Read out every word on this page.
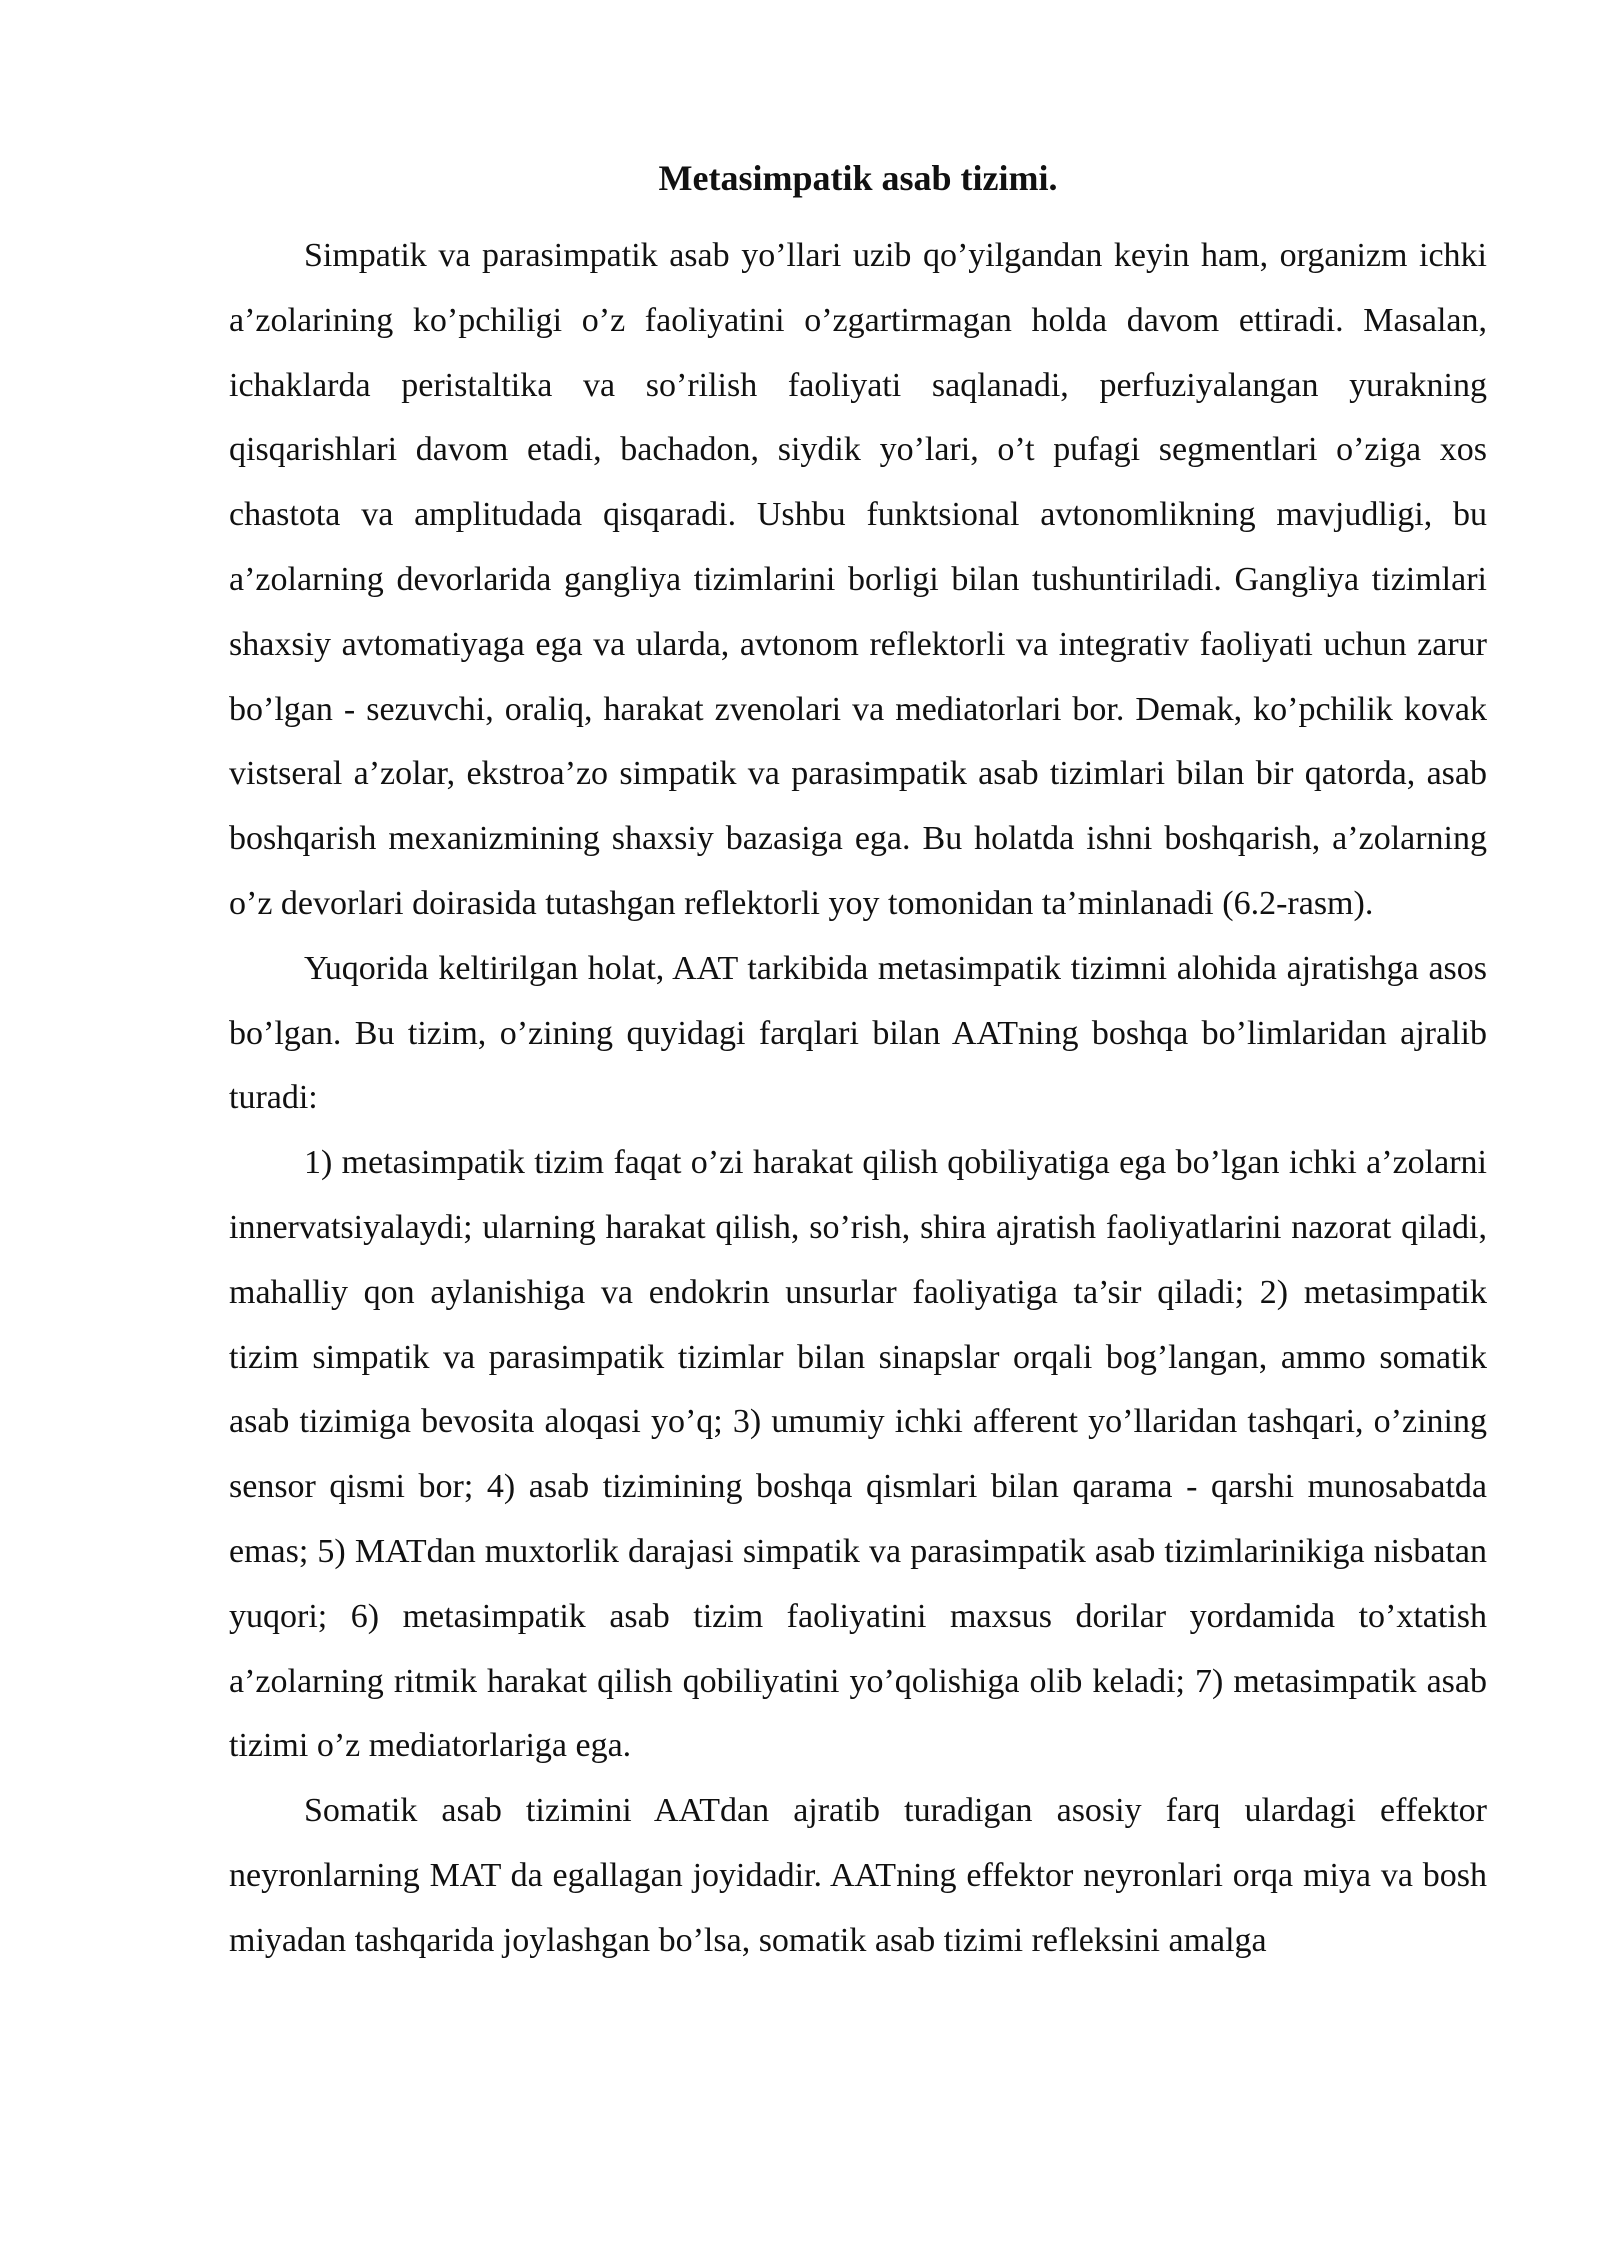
Metasimpatik asab tizimi.

Simpatik va parasimpatik asab yo’llari uzib qo’yilgandan keyin ham, organizm ichki a’zolarining ko’pchiligi o’z faoliyatini o’zgartirmagan holda davom ettiradi. Masalan, ichaklarda peristaltika va so’rilish faoliyati saqlanadi, perfuziyalangan yurakning qisqarishlari davom etadi, bachadon, siydik yo’lari, o’t pufagi segmentlari o’ziga xos chastota va amplitudada qisqaradi. Ushbu funktsional avtonomlikning mavjudligi, bu a’zolarning devorlarida gangliya tizimlarini borligi bilan tushuntiriladi. Gangliya tizimlari shaxsiy avtomatiyaga ega va ularda, avtonom reflektorli va integrativ faoliyati uchun zarur bo’lgan - sezuvchi, oraliq, harakat zvenolari va mediatorlari bor. Demak, ko’pchilik kovak vistseral a’zolar, ekstroa’zo simpatik va parasimpatik asab tizimlari bilan bir qatorda, asab boshqarish mexanizmining shaxsiy bazasiga ega. Bu holatda ishni boshqarish, a’zolarning o’z devorlari doirasida tutashgan reflektorli yoy tomonidan ta’minlanadi (6.2-rasm).

Yuqorida keltirilgan holat, AAT tarkibida metasimpatik tizimni alohida ajratishga asos bo’lgan. Bu tizim, o’zining quyidagi farqlari bilan AATning boshqa bo’limlaridan ajralib turadi:

1) metasimpatik tizim faqat o’zi harakat qilish qobiliyatiga ega bo’lgan ichki a’zolarni innervatsiyalaydi; ularning harakat qilish, so’rish, shira ajratish faoliyatlarini nazorat qiladi, mahalliy qon aylanishiga va endokrin unsurlar faoliyatiga ta’sir qiladi; 2) metasimpatik tizim simpatik va parasimpatik tizimlar bilan sinapslar orqali bog’langan, ammo somatik asab tizimiga bevosita aloqasi yo’q; 3) umumiy ichki afferent yo’llaridan tashqari, o’zining sensor qismi bor; 4) asab tizimining boshqa qismlari bilan qarama - qarshi munosabatda emas; 5) MATdan muxtorlik darajasi simpatik va parasimpatik asab tizimlarinikiga nisbatan yuqori; 6) metasimpatik asab tizim faoliyatini maxsus dorilar yordamida to’xtatish a’zolarning ritmik harakat qilish qobiliyatini yo’qolishiga olib keladi; 7) metasimpatik asab tizimi o’z mediatorlariga ega.

Somatik asab tizimini AATdan ajratib turadigan asosiy farq ulardagi effektor neyronlarning MAT da egallagan joyidadir. AATning effektor neyronlari orqa miya va bosh miyadan tashqarida joylashgan bo’lsa, somatik asab tizimi refleksini amalga
